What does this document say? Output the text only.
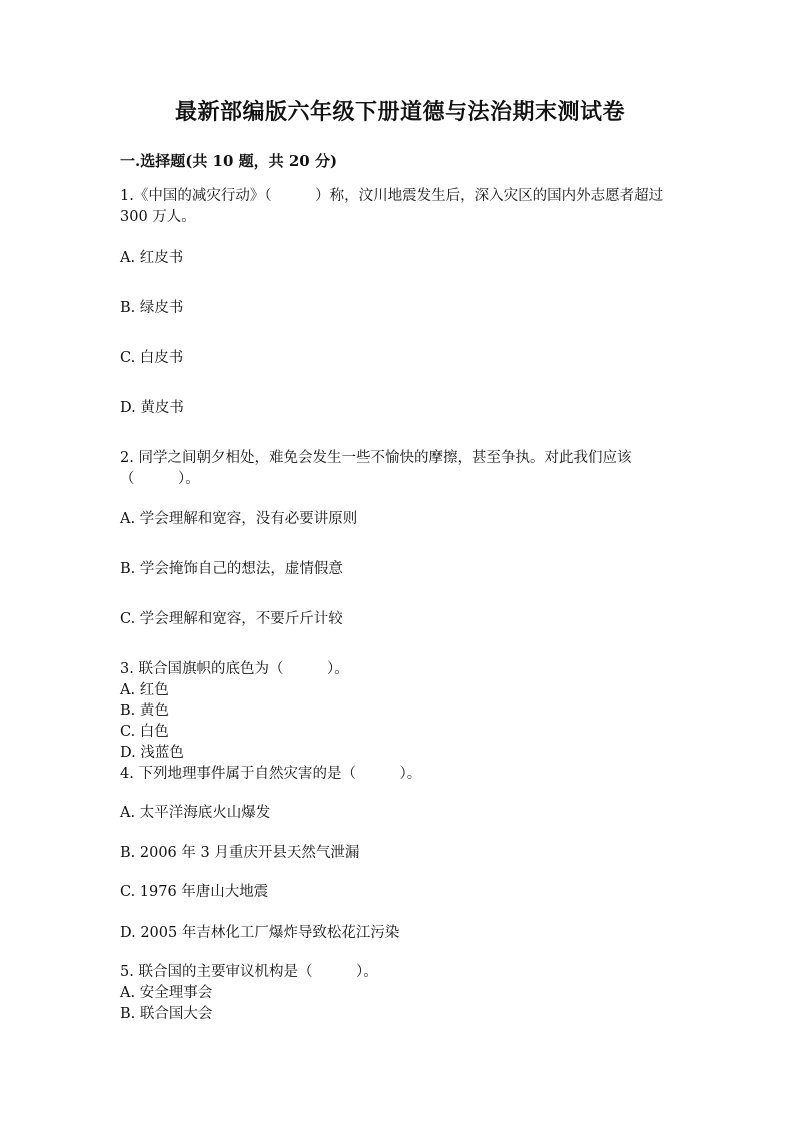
最新部编版六年级下册道德与法治期末测试卷
一.选择题(共 10 题，共 20 分)
1.《中国的减灾行动》（　　　）称，汶川地震发生后，深入灾区的国内外志愿者超过 300 万人。
A. 红皮书
B. 绿皮书
C. 白皮书
D. 黄皮书
2. 同学之间朝夕相处，难免会发生一些不愉快的摩擦，甚至争执。对此我们应该（　　　）。
A. 学会理解和宽容，没有必要讲原则
B. 学会掩饰自己的想法，虚情假意
C. 学会理解和宽容，不要斤斤计较
3. 联合国旗帜的底色为（　　　）。
A. 红色
B. 黄色
C. 白色
D. 浅蓝色
4. 下列地理事件属于自然灾害的是（　　　）。
A. 太平洋海底火山爆发
B. 2006 年 3 月重庆开县天然气泄漏
C. 1976 年唐山大地震
D. 2005 年吉林化工厂爆炸导致松花江污染
5. 联合国的主要审议机构是（　　　）。
A. 安全理事会
B. 联合国大会
